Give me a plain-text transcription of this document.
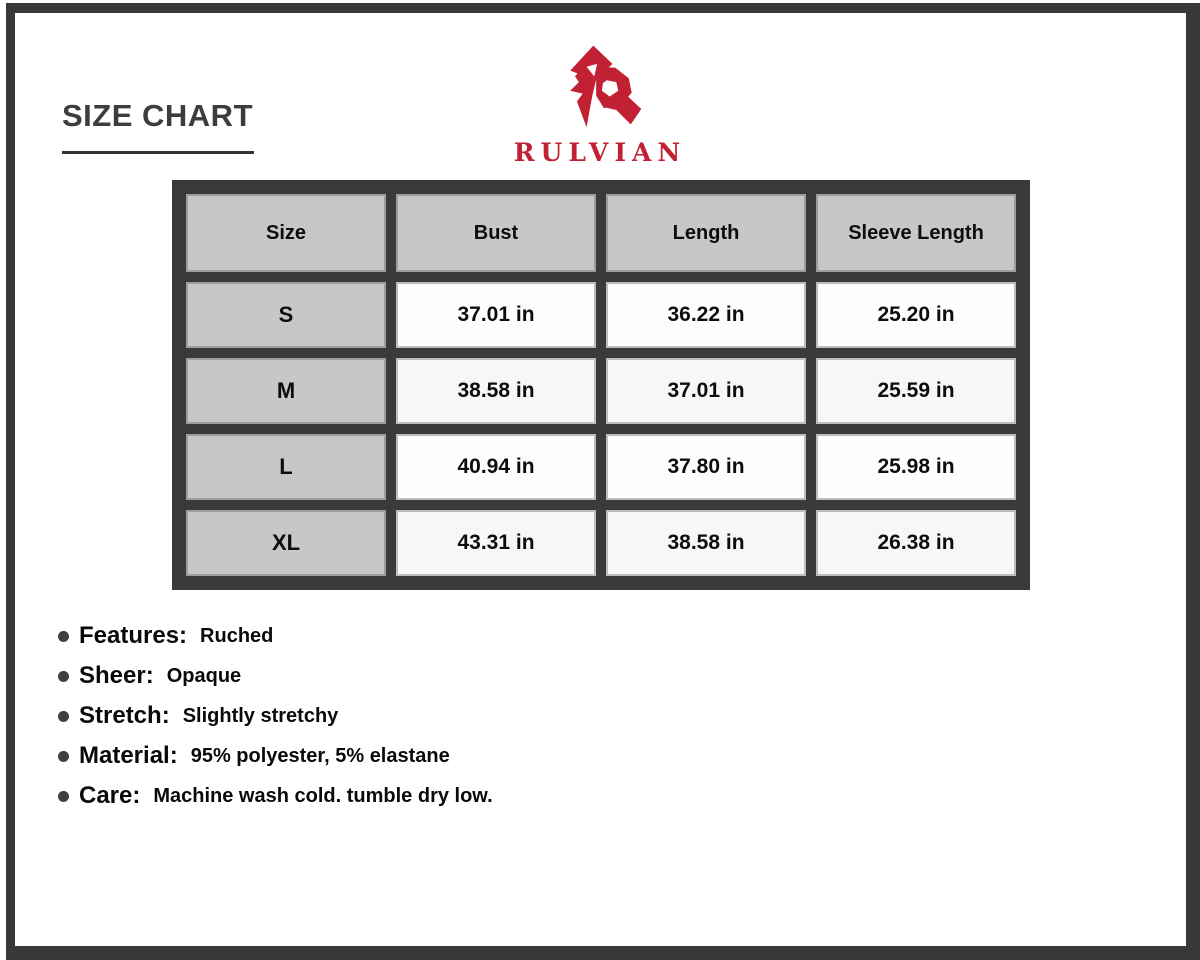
SIZE CHART
RULVIAN
Size	Bust	Length	Sleeve Length
S	37.01 in	36.22 in	25.20 in
M	38.58 in	37.01 in	25.59 in
L	40.94 in	37.80 in	25.98 in
XL	43.31 in	38.58 in	26.38 in
Features: Ruched
Sheer: Opaque
Stretch: Slightly stretchy
Material: 95% polyester, 5% elastane
Care: Machine wash cold. tumble dry low.
